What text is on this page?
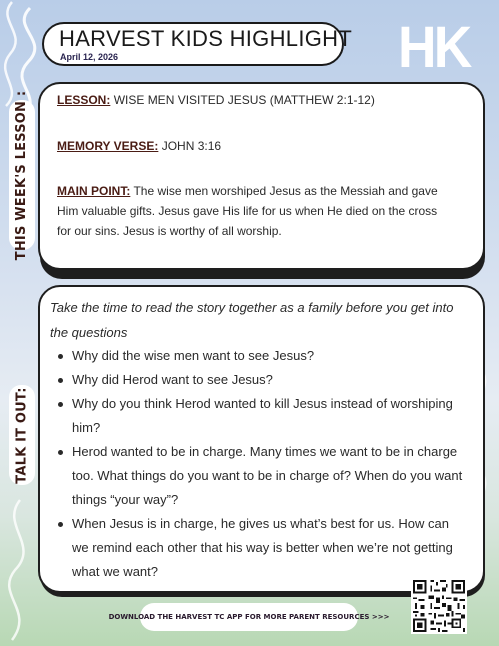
HARVEST KIDS HIGHLIGHT
April 12, 2026	HK
THIS WEEK'S LESSON : LESSON: WISE MEN VISITED JESUS (MATTHEW 2:1-12)
MEMORY VERSE: JOHN 3:16
MAIN POINT: The wise men worshiped Jesus as the Messiah and gave Him valuable gifts. Jesus gave His life for us when He died on the cross for our sins. Jesus is worthy of all worship.
TALK IT OUT:
Take the time to read the story together as a family before you get into the questions
Why did the wise men want to see Jesus?
Why did Herod want to see Jesus?
Why do you think Herod wanted to kill Jesus instead of worshiping him?
Herod wanted to be in charge. Many times we want to be in charge too. What things do you want to be in charge of? When do you want things “your way”?
When Jesus is in charge, he gives us what’s best for us. How can we remind each other that his way is better when we’re not getting what we want?
DOWNLOAD THE HARVEST TC APP FOR MORE PARENT RESOURCES >>>
